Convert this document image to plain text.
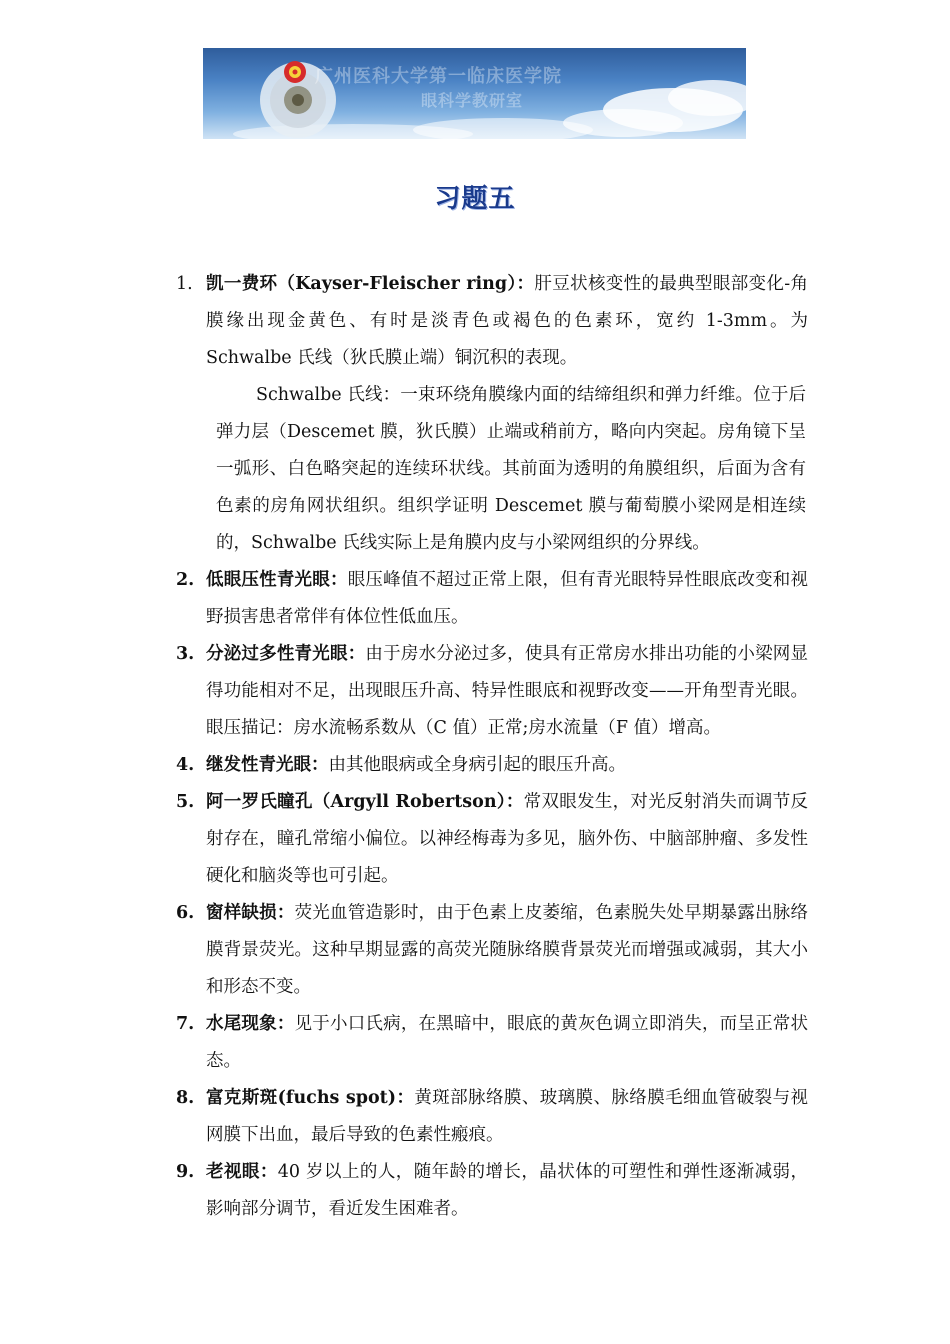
广州医科大学第一临床医学院
眼科学教研室
习题五
1. 凯一费环（Kayser-Fleischer ring）：肝豆状核变性的最典型眼部变化-角膜缘出现金黄色、有时是淡青色或褐色的色素环，宽约 1-3mm。为 Schwalbe 氏线（狄氏膜止端）铜沉积的表现。
Schwalbe 氏线：一束环绕角膜缘内面的结缔组织和弹力纤维。位于后弹力层（Descemet 膜，狄氏膜）止端或稍前方，略向内突起。房角镜下呈一弧形、白色略突起的连续环状线。其前面为透明的角膜组织，后面为含有色素的房角网状组织。组织学证明 Descemet 膜与葡萄膜小梁网是相连续的，Schwalbe 氏线实际上是角膜内皮与小梁网组织的分界线。
2. 低眼压性青光眼：眼压峰值不超过正常上限，但有青光眼特异性眼底改变和视野损害患者常伴有体位性低血压。
3. 分泌过多性青光眼：由于房水分泌过多，使具有正常房水排出功能的小梁网显得功能相对不足，出现眼压升高、特异性眼底和视野改变——开角型青光眼。眼压描记：房水流畅系数从（C 值）正常;房水流量（F 值）增高。
4. 继发性青光眼：由其他眼病或全身病引起的眼压升高。
5. 阿一罗氏瞳孔（Argyll Robertson）：常双眼发生，对光反射消失而调节反射存在，瞳孔常缩小偏位。以神经梅毒为多见，脑外伤、中脑部肿瘤、多发性硬化和脑炎等也可引起。
6. 窗样缺损：荧光血管造影时，由于色素上皮萎缩，色素脱失处早期暴露出脉络膜背景荧光。这种早期显露的高荧光随脉络膜背景荧光而增强或减弱，其大小和形态不变。
7. 水尾现象：见于小口氏病，在黑暗中，眼底的黄灰色调立即消失，而呈正常状态。
8. 富克斯斑(fuchs spot)：黄斑部脉络膜、玻璃膜、脉络膜毛细血管破裂与视网膜下出血，最后导致的色素性瘢痕。
9. 老视眼：40 岁以上的人，随年龄的增长，晶状体的可塑性和弹性逐渐减弱，影响部分调节，看近发生困难者。
